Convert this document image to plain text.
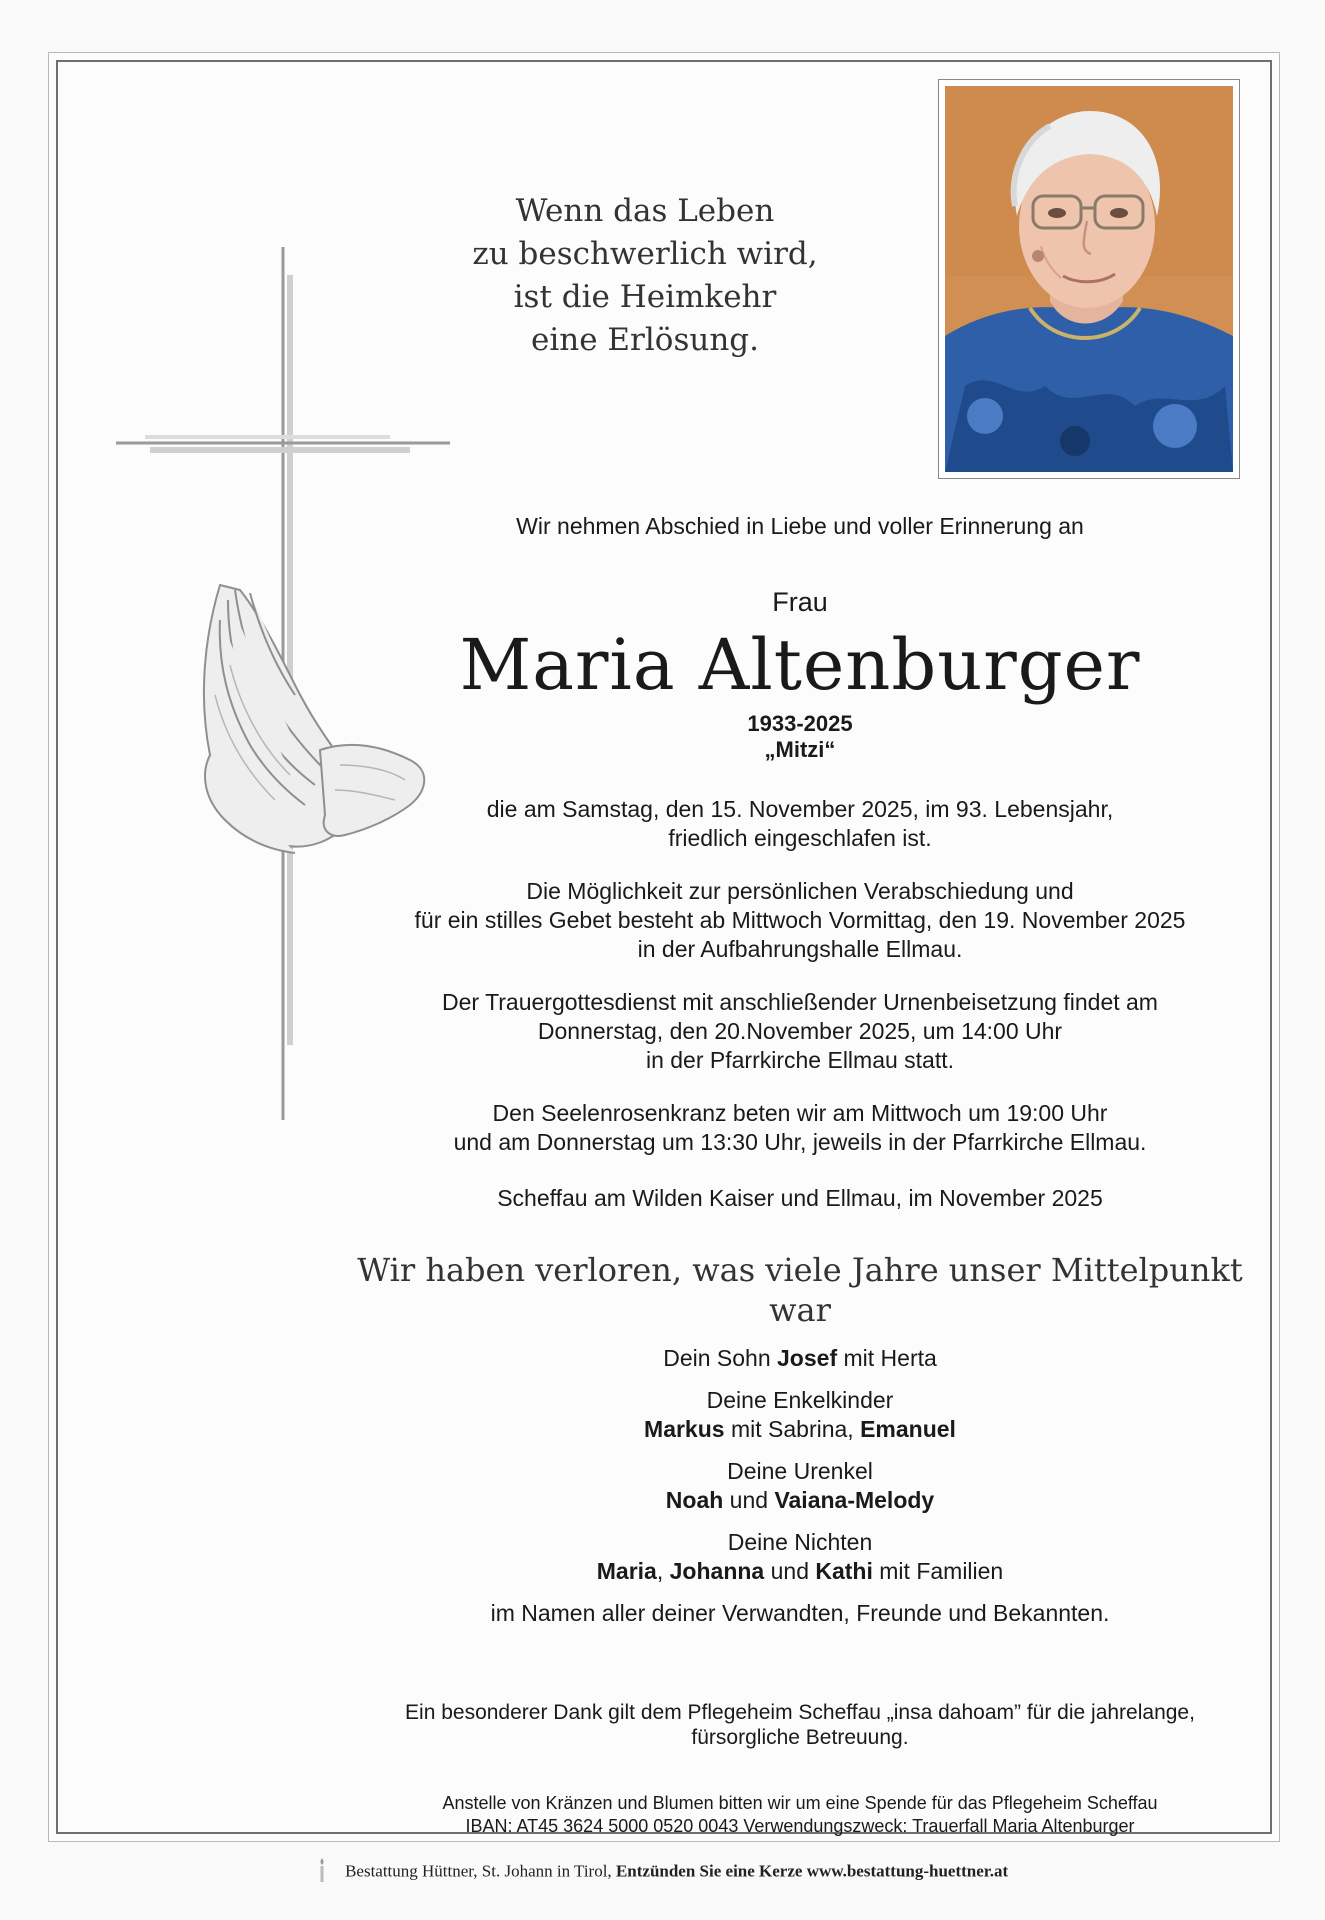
Wenn das Leben
zu beschwerlich wird,
ist die Heimkehr
eine Erlösung.

Wir nehmen Abschied in Liebe und voller Erinnerung an

Frau

Maria Altenburger

1933-2025

„Mitzi“

die am Samstag, den 15. November 2025, im 93. Lebensjahr,

friedlich eingeschlafen ist.

Die Möglichkeit zur persönlichen Verabschiedung und

für ein stilles Gebet besteht ab Mittwoch Vormittag, den 19. November 2025

in der Aufbahrungshalle Ellmau.

Der Trauergottesdienst mit anschließender Urnenbeisetzung findet am

Donnerstag, den 20.November 2025, um 14:00 Uhr

in der Pfarrkirche Ellmau statt.

Den Seelenrosenkranz beten wir am Mittwoch um 19:00 Uhr

und am Donnerstag um 13:30 Uhr, jeweils in der Pfarrkirche Ellmau.

Scheffau am Wilden Kaiser und Ellmau, im November 2025

Wir haben verloren, was viele Jahre unser Mittelpunkt war

Dein Sohn Josef mit Herta

Deine Enkelkinder

Markus mit Sabrina, Emanuel

Deine Urenkel

Noah und Vaiana-Melody

Deine Nichten

Maria, Johanna und Kathi mit Familien

im Namen aller deiner Verwandten, Freunde und Bekannten.

Ein besonderer Dank gilt dem Pflegeheim Scheffau „insa dahoam” für die jahrelange,

fürsorgliche Betreuung.

Anstelle von Kränzen und Blumen bitten wir um eine Spende für das Pflegeheim Scheffau

IBAN: AT45 3624 5000 0520 0043 Verwendungszweck: Trauerfall Maria Altenburger

Bestattung Hüttner, St. Johann in Tirol, Entzünden Sie eine Kerze www.bestattung-huettner.at
